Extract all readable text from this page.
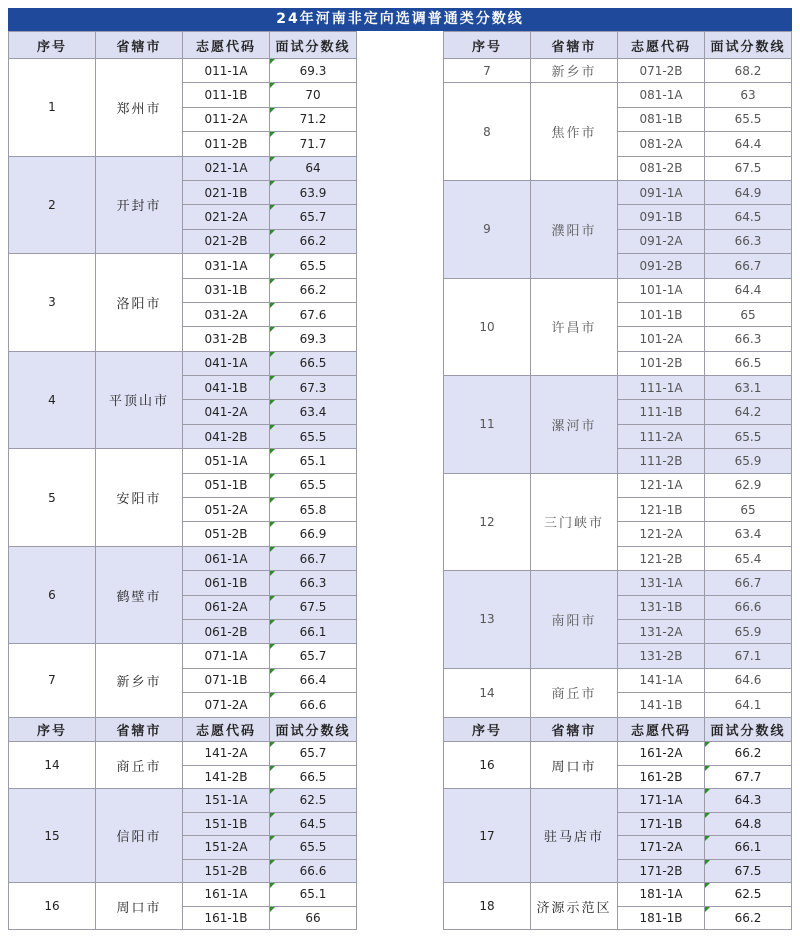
24年河南非定向选调普通类分数线
序号	省辖市	志愿代码	面试分数线
1	郑州市	011-1A	69.3
		011-1B	70
		011-2A	71.2
		011-2B	71.7
2	开封市	021-1A	64
		021-1B	63.9
		021-2A	65.7
		021-2B	66.2
3	洛阳市	031-1A	65.5
		031-1B	66.2
		031-2A	67.6
		031-2B	69.3
4	平顶山市	041-1A	66.5
		041-1B	67.3
		041-2A	63.4
		041-2B	65.5
5	安阳市	051-1A	65.1
		051-1B	65.5
		051-2A	65.8
		051-2B	66.9
6	鹤壁市	061-1A	66.7
		061-1B	66.3
		061-2A	67.5
		061-2B	66.1
7	新乡市	071-1A	65.7
		071-1B	66.4
		071-2A	66.6
序号	省辖市	志愿代码	面试分数线
7	新乡市	071-2B	68.2
8	焦作市	081-1A	63
		081-1B	65.5
		081-2A	64.4
		081-2B	67.5
9	濮阳市	091-1A	64.9
		091-1B	64.5
		091-2A	66.3
		091-2B	66.7
10	许昌市	101-1A	64.4
		101-1B	65
		101-2A	66.3
		101-2B	66.5
11	漯河市	111-1A	63.1
		111-1B	64.2
		111-2A	65.5
		111-2B	65.9
12	三门峡市	121-1A	62.9
		121-1B	65
		121-2A	63.4
		121-2B	65.4
13	南阳市	131-1A	66.7
		131-1B	66.6
		131-2A	65.9
		131-2B	67.1
14	商丘市	141-1A	64.6
		141-1B	64.1
序号	省辖市	志愿代码	面试分数线
14	商丘市	141-2A	65.7
		141-2B	66.5
15	信阳市	151-1A	62.5
		151-1B	64.5
		151-2A	65.5
		151-2B	66.6
16	周口市	161-1A	65.1
		161-1B	66
序号	省辖市	志愿代码	面试分数线
16	周口市	161-2A	66.2
		161-2B	67.7
17	驻马店市	171-1A	64.3
		171-1B	64.8
		171-2A	66.1
		171-2B	67.5
18	济源示范区	181-1A	62.5
		181-1B	66.2
